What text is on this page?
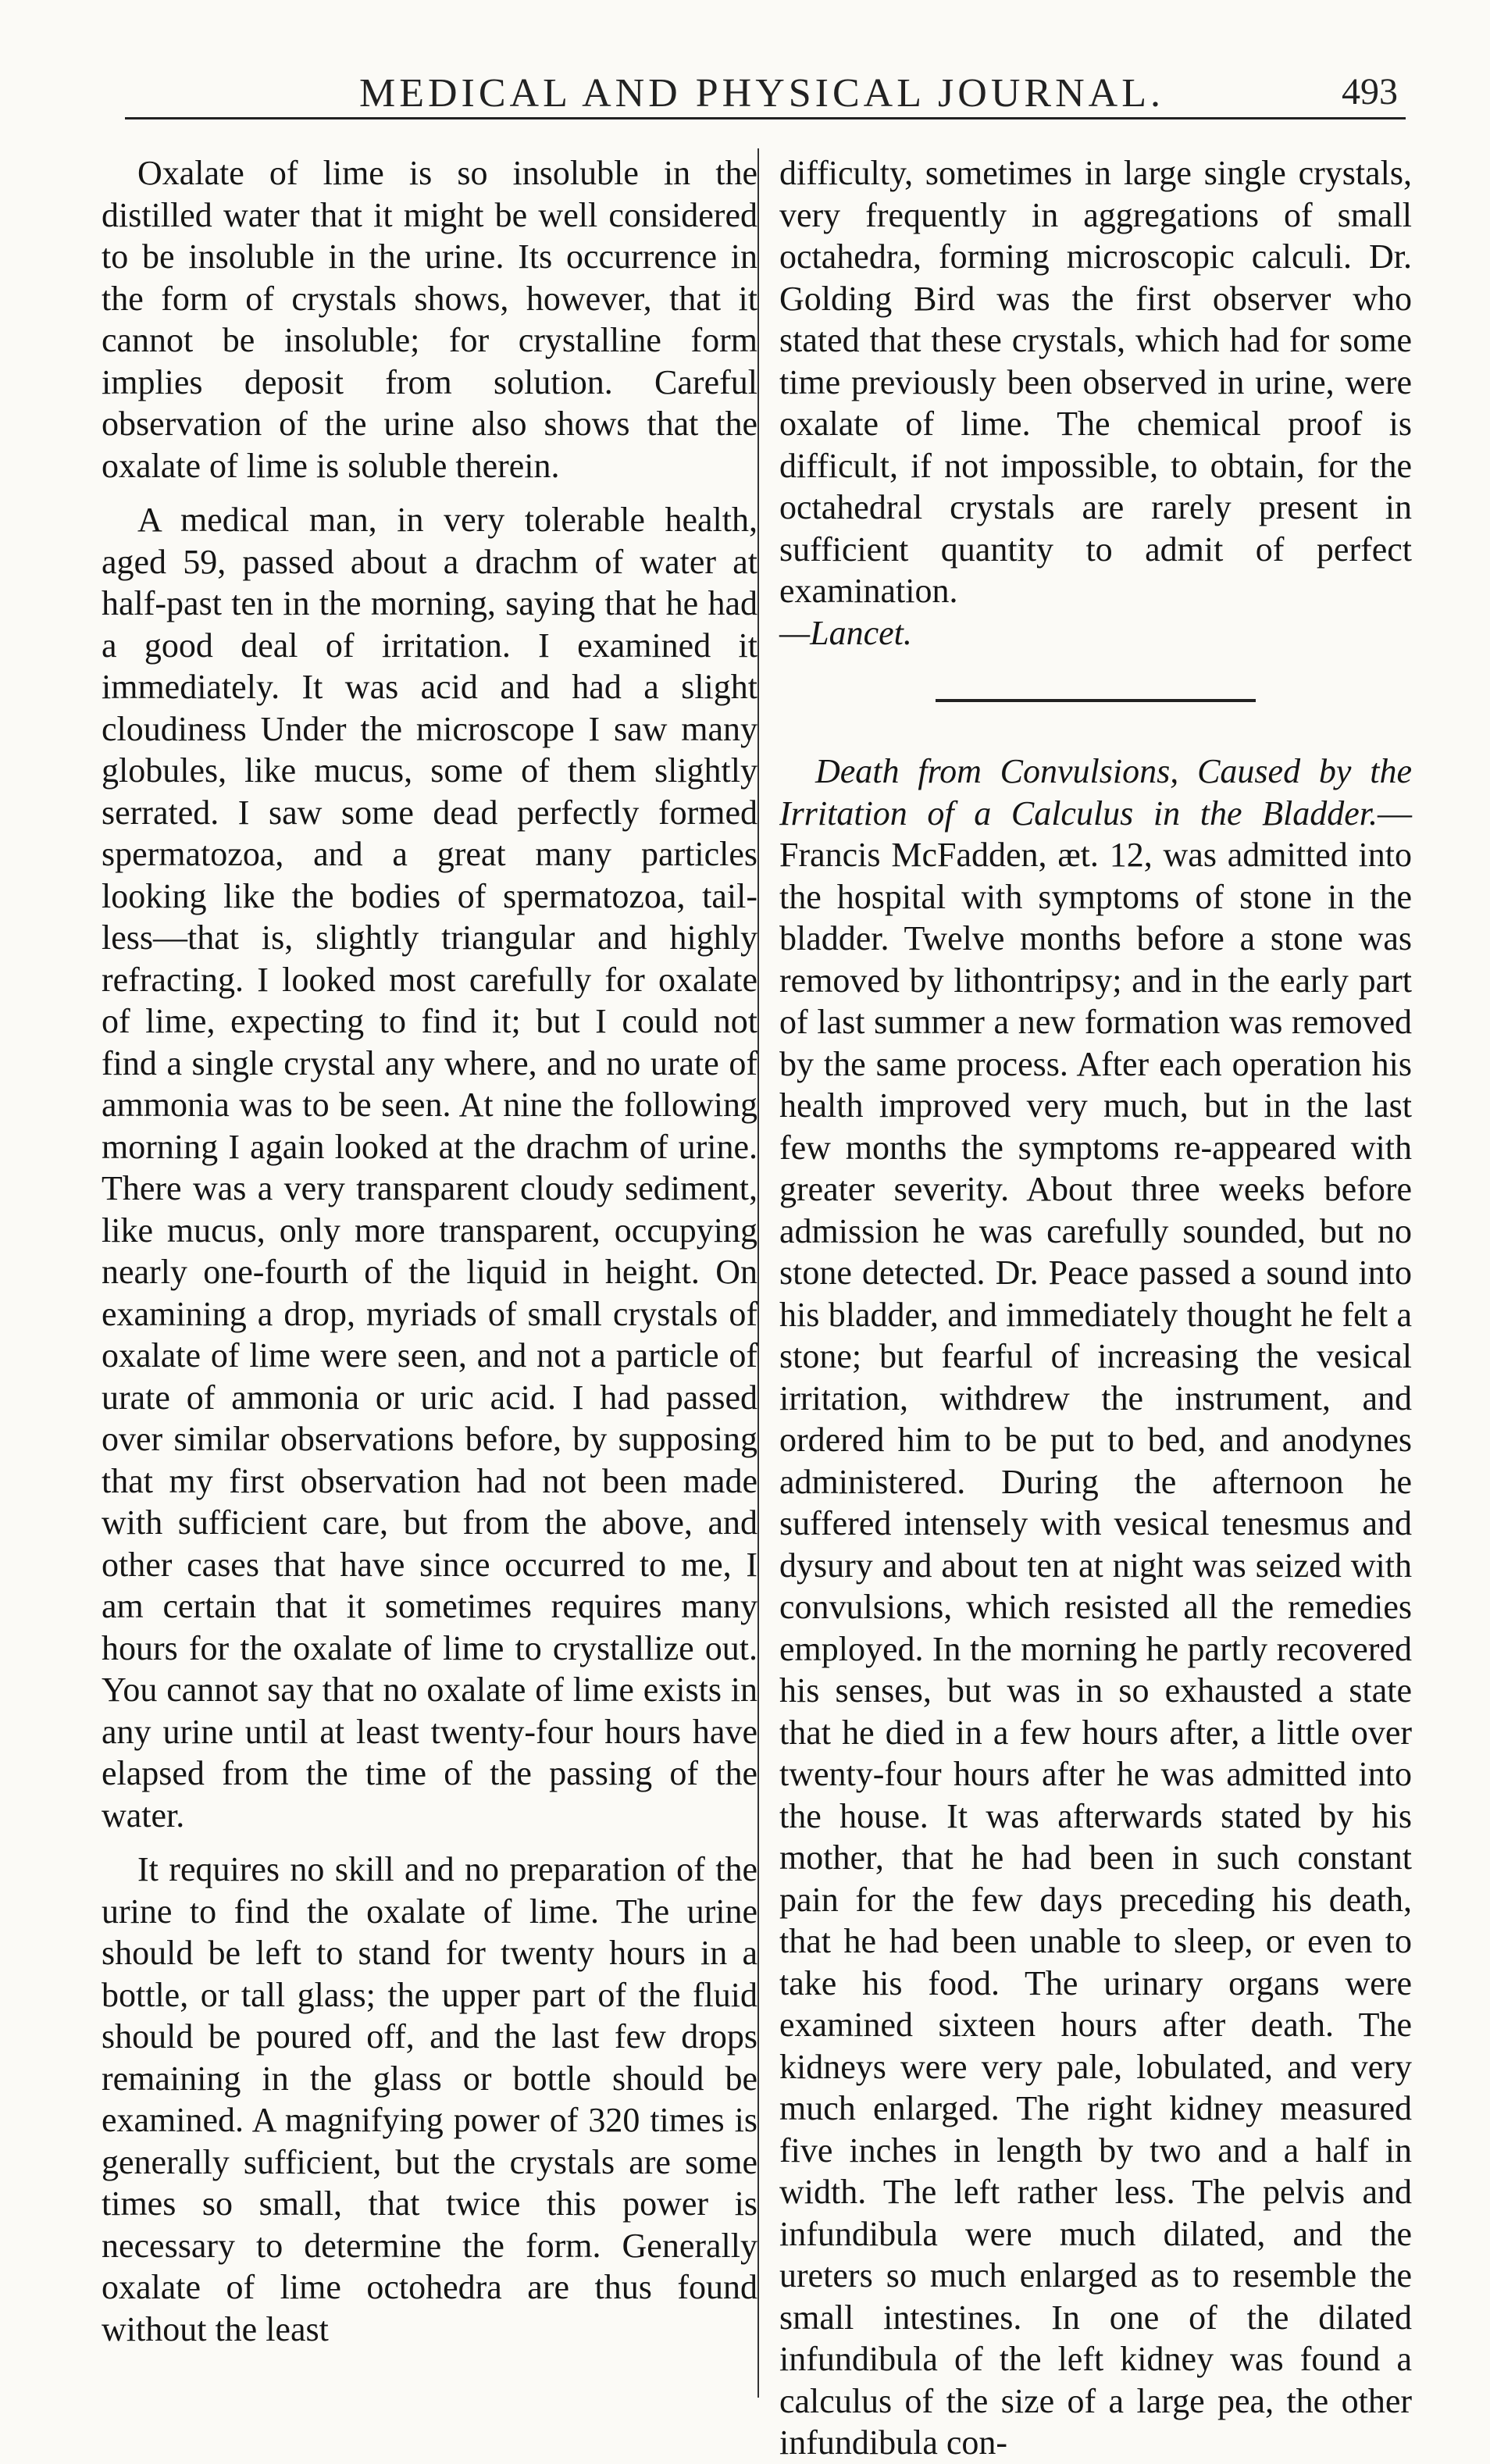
MEDICAL AND PHYSICAL JOURNAL.	493

Oxalate of lime is so insoluble in the distilled water that it might be well considered to be insoluble in the urine. Its occurrence in the form of crystals shows, however, that it cannot be insoluble; for crystalline form implies deposit from solution. Careful observation of the urine also shows that the oxalate of lime is soluble therein.

A medical man, in very tolerable health, aged 59, passed about a drachm of water at half-past ten in the morning, saying that he had a good deal of irritation. I examined it immediately. It was acid and had a slight cloudiness Under the microscope I saw many globules, like mucus, some of them slightly serrated. I saw some dead perfectly formed spermatozoa, and a great many particles looking like the bodies of spermatozoa, tail-less—that is, slightly triangular and highly refracting. I looked most carefully for oxalate of lime, expecting to find it; but I could not find a single crystal any where, and no urate of ammonia was to be seen. At nine the following morning I again looked at the drachm of urine. There was a very transparent cloudy sediment, like mucus, only more transparent, occupying nearly one-fourth of the liquid in height. On examining a drop, myriads of small crystals of oxalate of lime were seen, and not a particle of urate of ammonia or uric acid. I had passed over similar observations before, by supposing that my first observation had not been made with sufficient care, but from the above, and other cases that have since occurred to me, I am certain that it sometimes requires many hours for the oxalate of lime to crystallize out. You cannot say that no oxalate of lime exists in any urine until at least twenty-four hours have elapsed from the time of the passing of the water.

It requires no skill and no preparation of the urine to find the oxalate of lime. The urine should be left to stand for twenty hours in a bottle, or tall glass; the upper part of the fluid should be poured off, and the last few drops remaining in the glass or bottle should be examined. A magnifying power of 320 times is generally sufficient, but the crystals are some times so small, that twice this power is necessary to determine the form. Generally oxalate of lime octohedra are thus found without the least

difficulty, sometimes in large single crystals, very frequently in aggregations of small octahedra, forming microscopic calculi. Dr. Golding Bird was the first observer who stated that these crystals, which had for some time previously been observed in urine, were oxalate of lime. The chemical proof is difficult, if not impossible, to obtain, for the octahedral crystals are rarely present in sufficient quantity to admit of perfect examination.
—Lancet.

Death from Convulsions, Caused by the Irritation of a Calculus in the Bladder.—Francis McFadden, æt. 12, was admitted into the hospital with symptoms of stone in the bladder. Twelve months before a stone was removed by lithontripsy; and in the early part of last summer a new formation was removed by the same process. After each operation his health improved very much, but in the last few months the symptoms re-appeared with greater severity. About three weeks before admission he was carefully sounded, but no stone detected. Dr. Peace passed a sound into his bladder, and immediately thought he felt a stone; but fearful of increasing the vesical irritation, withdrew the instrument, and ordered him to be put to bed, and anodynes administered. During the afternoon he suffered intensely with vesical tenesmus and dysury and about ten at night was seized with convulsions, which resisted all the remedies employed. In the morning he partly recovered his senses, but was in so exhausted a state that he died in a few hours after, a little over twenty-four hours after he was admitted into the house. It was afterwards stated by his mother, that he had been in such constant pain for the few days preceding his death, that he had been unable to sleep, or even to take his food. The urinary organs were examined sixteen hours after death. The kidneys were very pale, lobulated, and very much enlarged. The right kidney measured five inches in length by two and a half in width. The left rather less. The pelvis and infundibula were much dilated, and the ureters so much enlarged as to resemble the small intestines. In one of the dilated infundibula of the left kidney was found a calculus of the size of a large pea, the other infundibula con-
